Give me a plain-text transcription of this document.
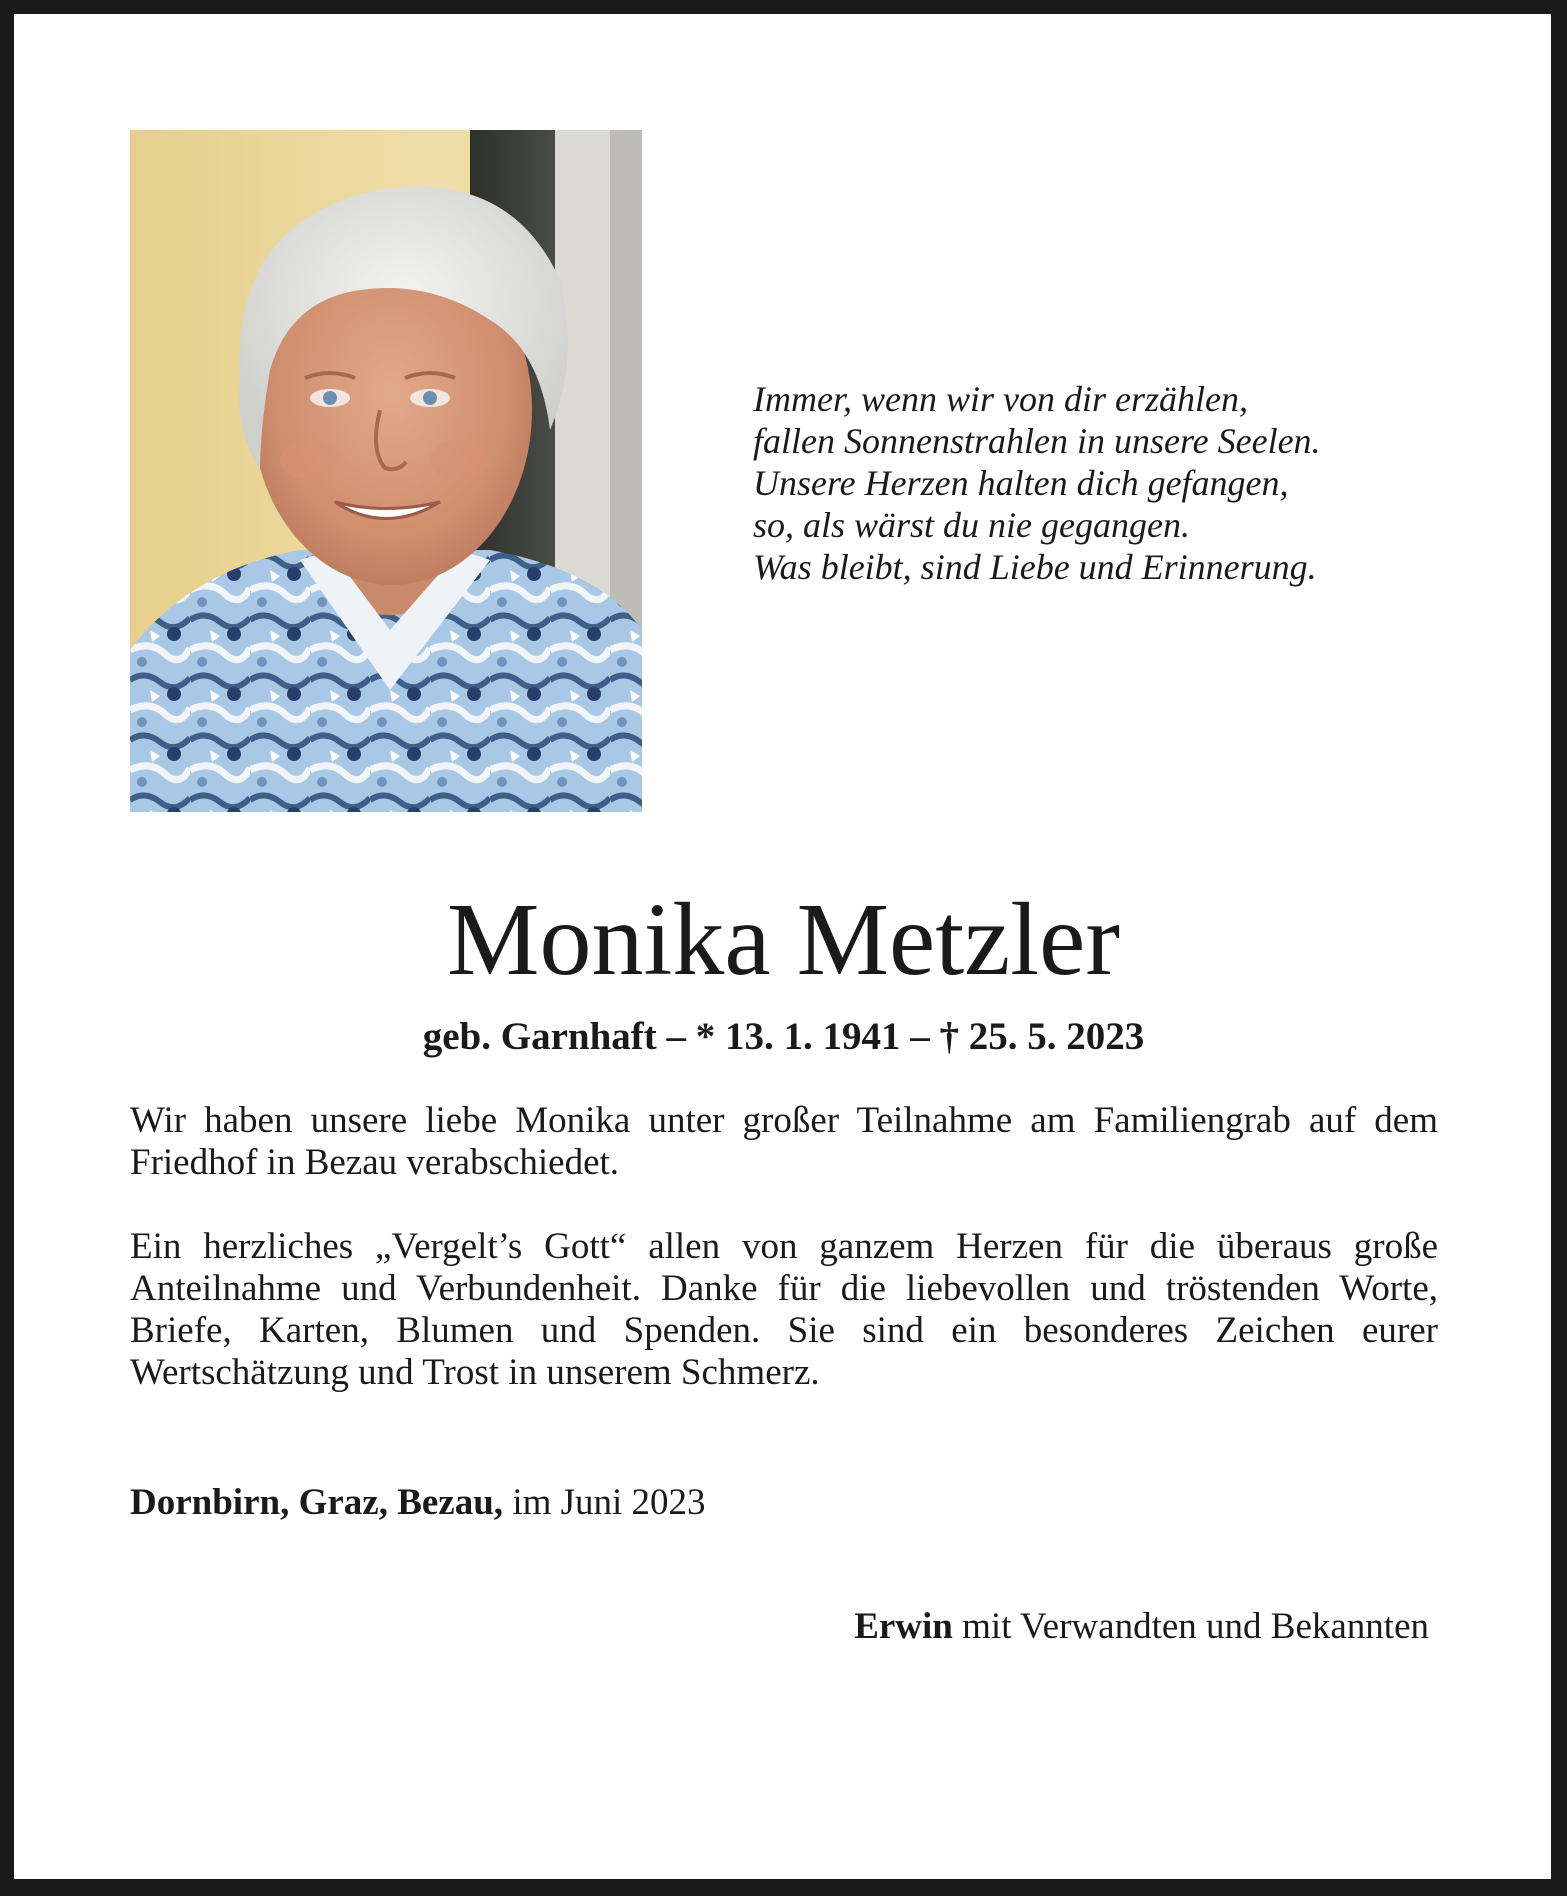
Immer, wenn wir von dir erzählen,
fallen Sonnenstrahlen in unsere Seelen.
Unsere Herzen halten dich gefangen,
so, als wärst du nie gegangen.
Was bleibt, sind Liebe und Erinnerung.
Monika Metzler
geb. Garnhaft – * 13. 1. 1941 – † 25. 5. 2023
Wir haben unsere liebe Monika unter großer Teilnahme am Familiengrab auf dem Friedhof in Bezau verabschiedet.
Ein herzliches „Vergelt’s Gott“ allen von ganzem Herzen für die überaus große Anteilnahme und Verbundenheit. Danke für die liebevollen und tröstenden Worte, Briefe, Karten, Blumen und Spenden. Sie sind ein besonderes Zeichen eurer Wertschätzung und Trost in unserem Schmerz.
Dornbirn, Graz, Bezau, im Juni 2023
Erwin mit Verwandten und Bekannten
